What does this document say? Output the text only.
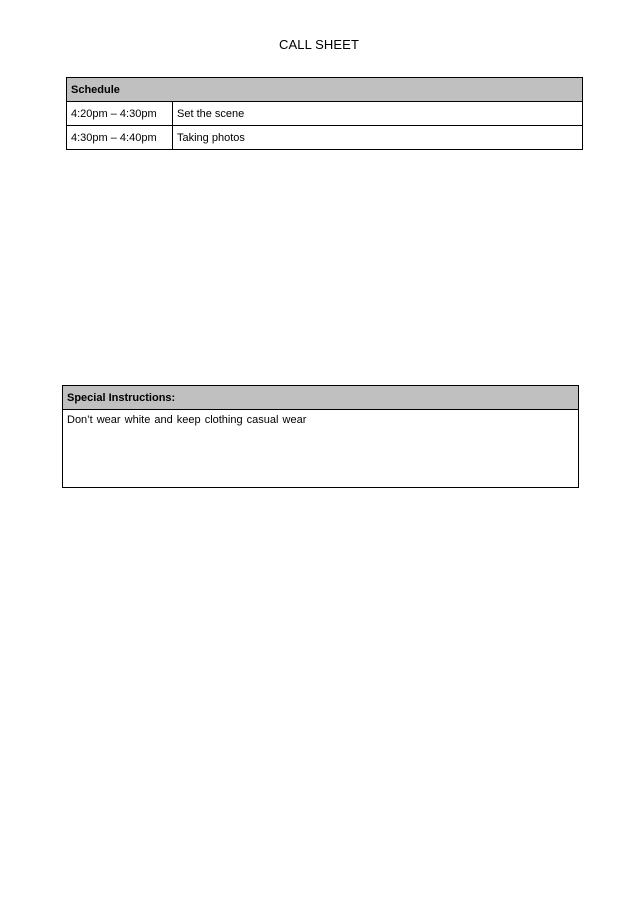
CALL SHEET
Schedule	
4:20pm – 4:30pm	Set the scene
4:30pm – 4:40pm	Taking photos
Special Instructions:
Don’t wear white and keep clothing casual wear
